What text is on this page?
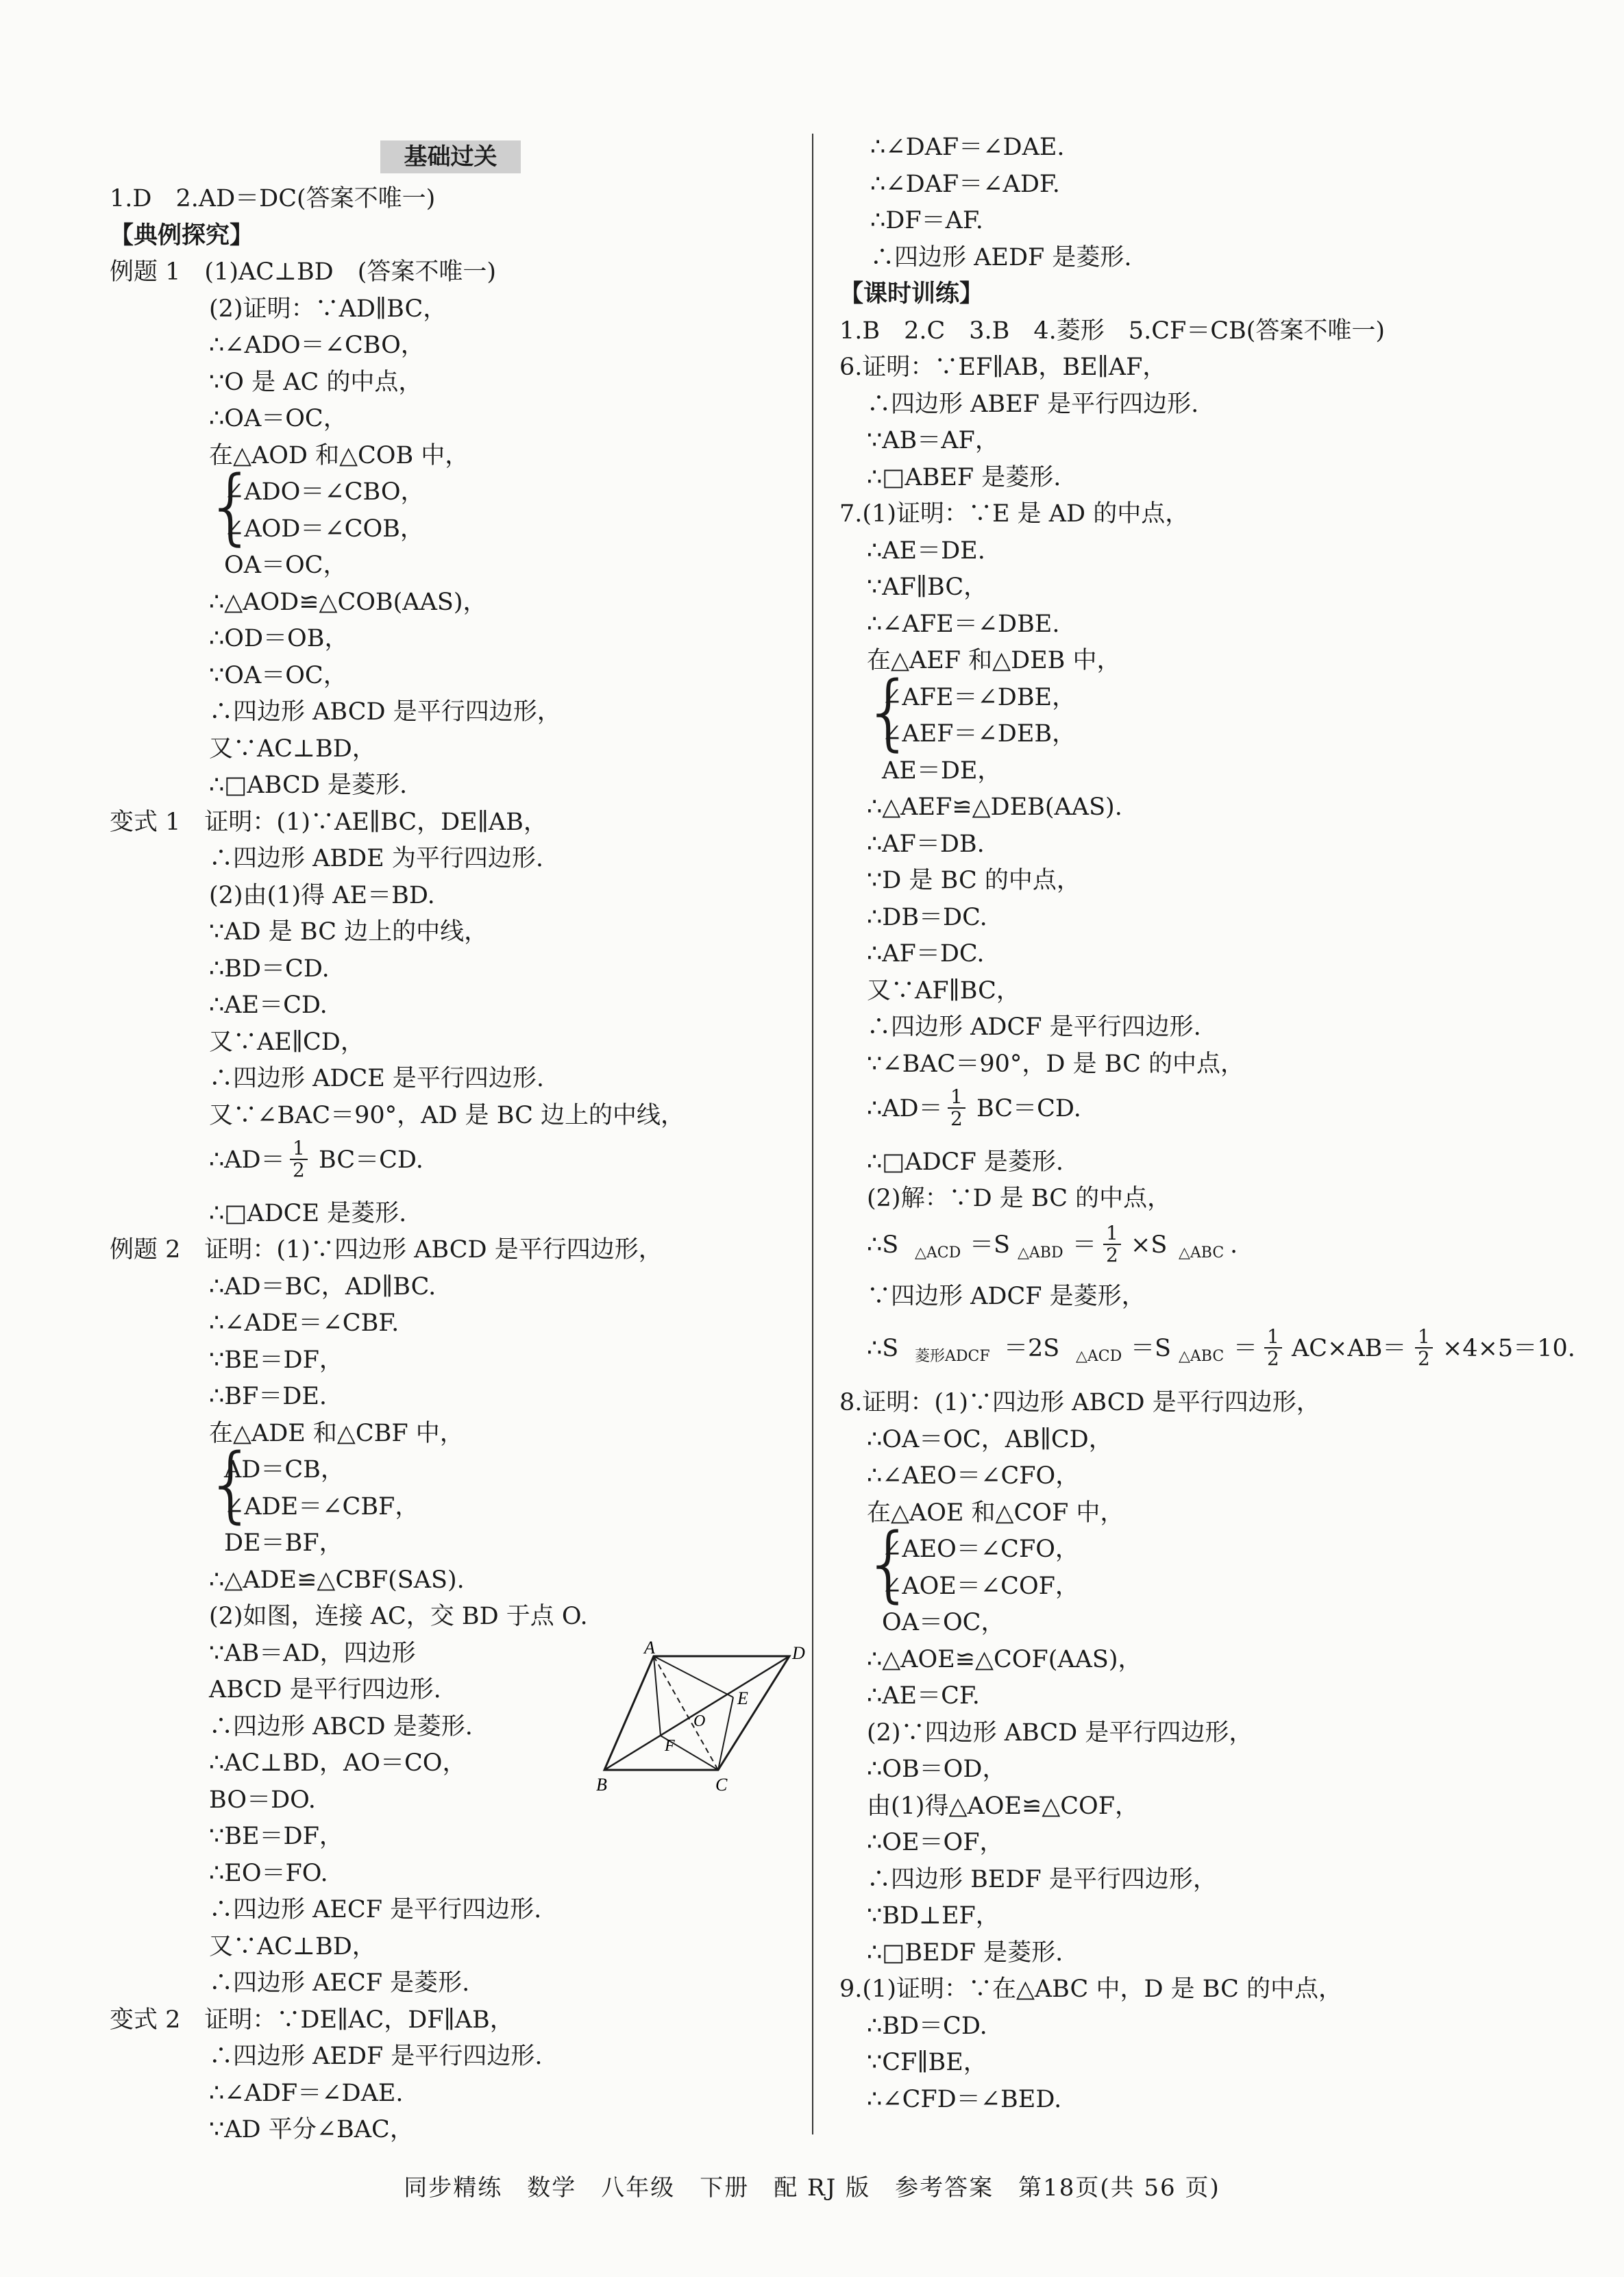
基础过关
1.D　2.AD＝DC(答案不唯一)
【典例探究】
例题 1　(1)AC⊥BD　(答案不唯一)
(2)证明：∵AD∥BC，
∴∠ADO＝∠CBO，
∵O 是 AC 的中点，
∴OA＝OC，
在△AOD 和△COB 中，
{
∠ADO＝∠CBO，
∠AOD＝∠COB，
OA＝OC，
∴△AOD≌△COB(AAS)，
∴OD＝OB，
∵OA＝OC，
∴四边形 ABCD 是平行四边形，
又∵AC⊥BD，
∴□ABCD 是菱形.
变式 1　证明：(1)∵AE∥BC，DE∥AB，
∴四边形 ABDE 为平行四边形.
(2)由(1)得 AE＝BD.
∵AD 是 BC 边上的中线，
∴BD＝CD.
∴AE＝CD.
又∵AE∥CD，
∴四边形 ADCE 是平行四边形.
又∵∠BAC＝90°，AD 是 BC 边上的中线，
∴AD＝ $\frac{1}{2} BC=CD$.
∴□ADCE 是菱形.
例题 2　证明：(1)∵四边形 ABCD 是平行四边形，
∴AD＝BC，AD∥BC.
∴∠ADE＝∠CBF.
∵BE＝DF，
∴BF＝DE.
在△ADE 和△CBF 中，
{
AD＝CB，
∠ADE＝∠CBF，
DE＝BF，
∴△ADE≌△CBF(SAS).
(2)如图，连接 AC，交 BD 于点 O.
∵AB＝AD，四边形
ABCD 是平行四边形.
∴四边形 ABCD 是菱形.
∴AC⊥BD，AO＝CO，
BO＝DO.
∵BE＝DF，
∴EO＝FO.
∴四边形 AECF 是平行四边形.
又∵AC⊥BD，
∴四边形 AECF 是菱形.
变式 2　证明：∵DE∥AC，DF∥AB，
∴四边形 AEDF 是平行四边形.
∴∠ADF＝∠DAE.
∵AD 平分∠BAC，
∴∠DAF＝∠DAE.
∴∠DAF＝∠ADF.
∴DF＝AF.
∴四边形 AEDF 是菱形.
【课时训练】
1.B　2.C　3.B　4.菱形　5.CF＝CB(答案不唯一)
6.证明：∵EF∥AB，BE∥AF，
∴四边形 ABEF 是平行四边形.
∵AB＝AF，
∴□ABEF 是菱形.
7.(1)证明：∵E 是 AD 的中点，
∴AE＝DE.
∵AF∥BC，
∴∠AFE＝∠DBE.
在△AEF 和△DEB 中，
{
∠AFE＝∠DBE，
∠AEF＝∠DEB，
AE＝DE，
∴△AEF≌△DEB(AAS).
∴AF＝DB.
∵D 是 BC 的中点，
∴DB＝DC.
∴AF＝DC.
又∵AF∥BC，
∴四边形 ADCF 是平行四边形.
∵∠BAC＝90°，D 是 BC 的中点，
∴AD＝ $\frac{1}{2} BC=CD$.
∴□ADCF 是菱形.
(2)解：∵D 是 BC 的中点，
∴S △ACD ＝S △ABD ＝ $\frac{1}{2} \times S$ △ABC .
∵四边形 ADCF 是菱形，
∴S 菱形ADCF ＝2S △ACD ＝S △ABC ＝ $\frac{1}{2} AC\times AB= \frac{1}{2} \times 4\times 5=10$.
8.证明：(1)∵四边形 ABCD 是平行四边形，
∴OA＝OC，AB∥CD，
∴∠AEO＝∠CFO，
在△AOE 和△COF 中，
{
∠AEO＝∠CFO，
∠AOE＝∠COF，
OA＝OC，
∴△AOE≌△COF(AAS)，
∴AE＝CF.
(2)∵四边形 ABCD 是平行四边形，
∴OB＝OD，
由(1)得△AOE≌△COF，
∴OE＝OF，
∴四边形 BEDF 是平行四边形，
∵BD⊥EF，
∴□BEDF 是菱形.
9.(1)证明：∵在△ABC 中，D 是 BC 的中点，
∴BD＝CD.
∵CF∥BE，
∴∠CFD＝∠BED.
A	D
E
O
F
B	C
同步精练　数学　八年级　下册　配 RJ 版　参考答案　第18页(共 56 页)
